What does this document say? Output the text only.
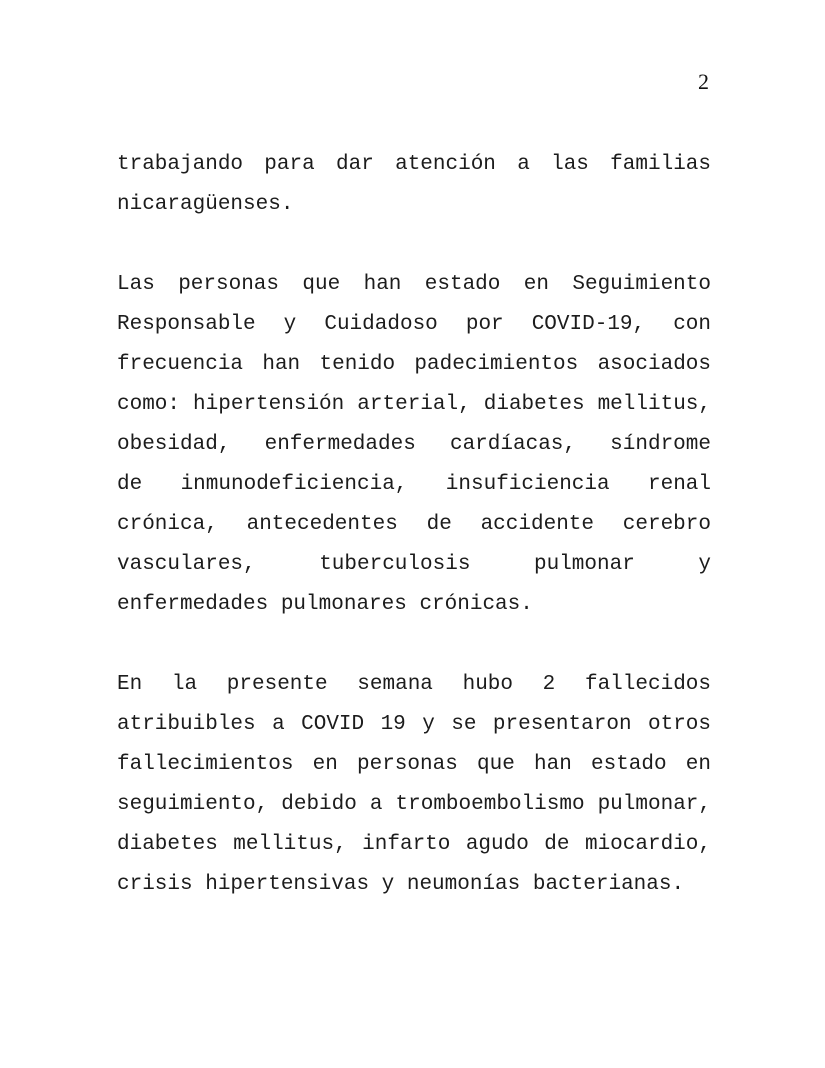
2
trabajando para dar atención a las familias
nicaragüenses.
Las personas que han estado en Seguimiento
Responsable y Cuidadoso por COVID-19, con
frecuencia han tenido padecimientos asociados
como: hipertensión arterial, diabetes mellitus,
obesidad, enfermedades cardíacas, síndrome
de inmunodeficiencia, insuficiencia renal
crónica, antecedentes de accidente cerebro
vasculares, tuberculosis pulmonar y
enfermedades pulmonares crónicas.
En la presente semana hubo 2 fallecidos
atribuibles a COVID 19 y se presentaron otros
fallecimientos en personas que han estado en
seguimiento, debido a tromboembolismo pulmonar,
diabetes mellitus, infarto agudo de miocardio,
crisis hipertensivas y neumonías bacterianas.
